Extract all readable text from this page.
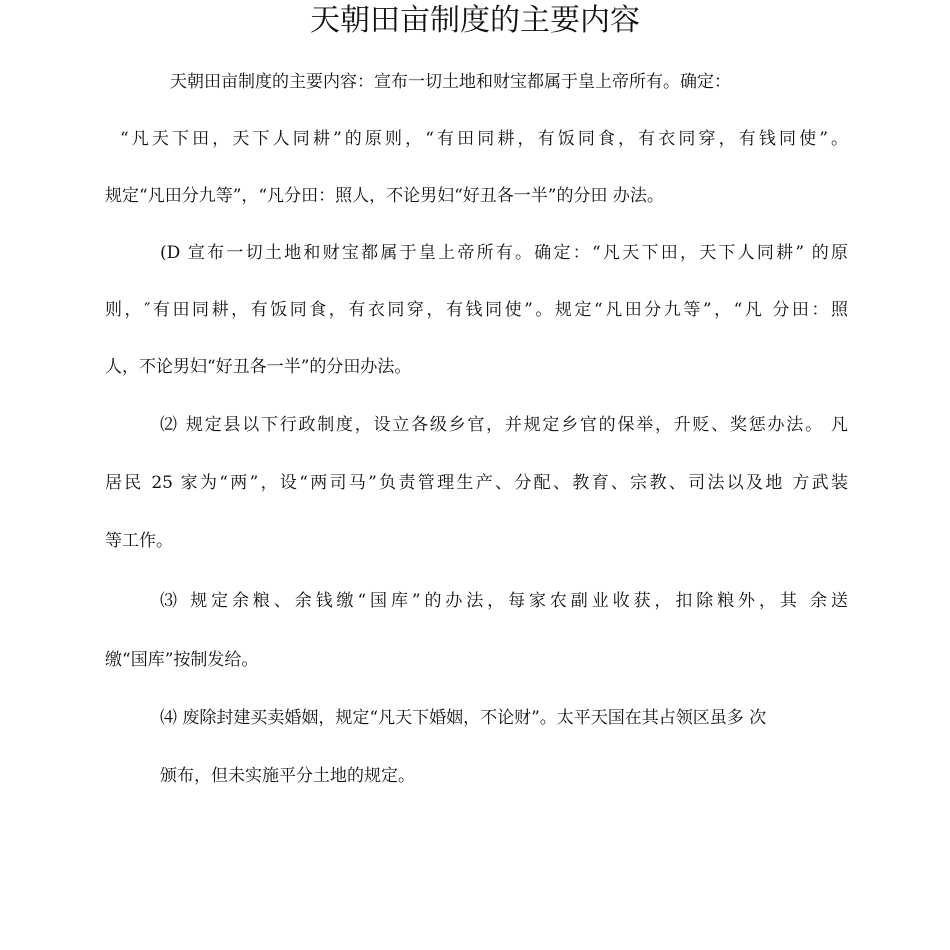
天朝田亩制度的主要内容
天朝田亩制度的主要内容：宣布一切土地和财宝都属于皇上帝所有。确定：
“凡天下田，天下人同耕”的原则，“有田同耕，有饭同食，有衣同穿，有钱同使”。
规定“凡田分九等”，“凡分田：照人，不论男妇“好丑各一半”的分田 办法。
(D 宣布一切土地和财宝都属于皇上帝所有。确定：“凡天下田，天下人同耕” 的原
则，″有田同耕，有饭同食，有衣同穿，有钱同使”。规定“凡田分九等”，“凡 分田：照
人，不论男妇“好丑各一半”的分田办法。
⑵ 规定县以下行政制度，设立各级乡官，并规定乡官的保举，升贬、奖惩办法。 凡
居民 25 家为“两”，设“两司马”负责管理生产、分配、教育、宗教、司法以及地 方武装
等工作。
⑶ 规定余粮、余钱缴“国库”的办法，每家农副业收获，扣除粮外，其 余送
缴“国库”按制发给。
⑷ 废除封建买卖婚姻，规定“凡天下婚姻，不论财”。太平天国在其占领区虽多 次
颁布，但未实施平分土地的规定。
